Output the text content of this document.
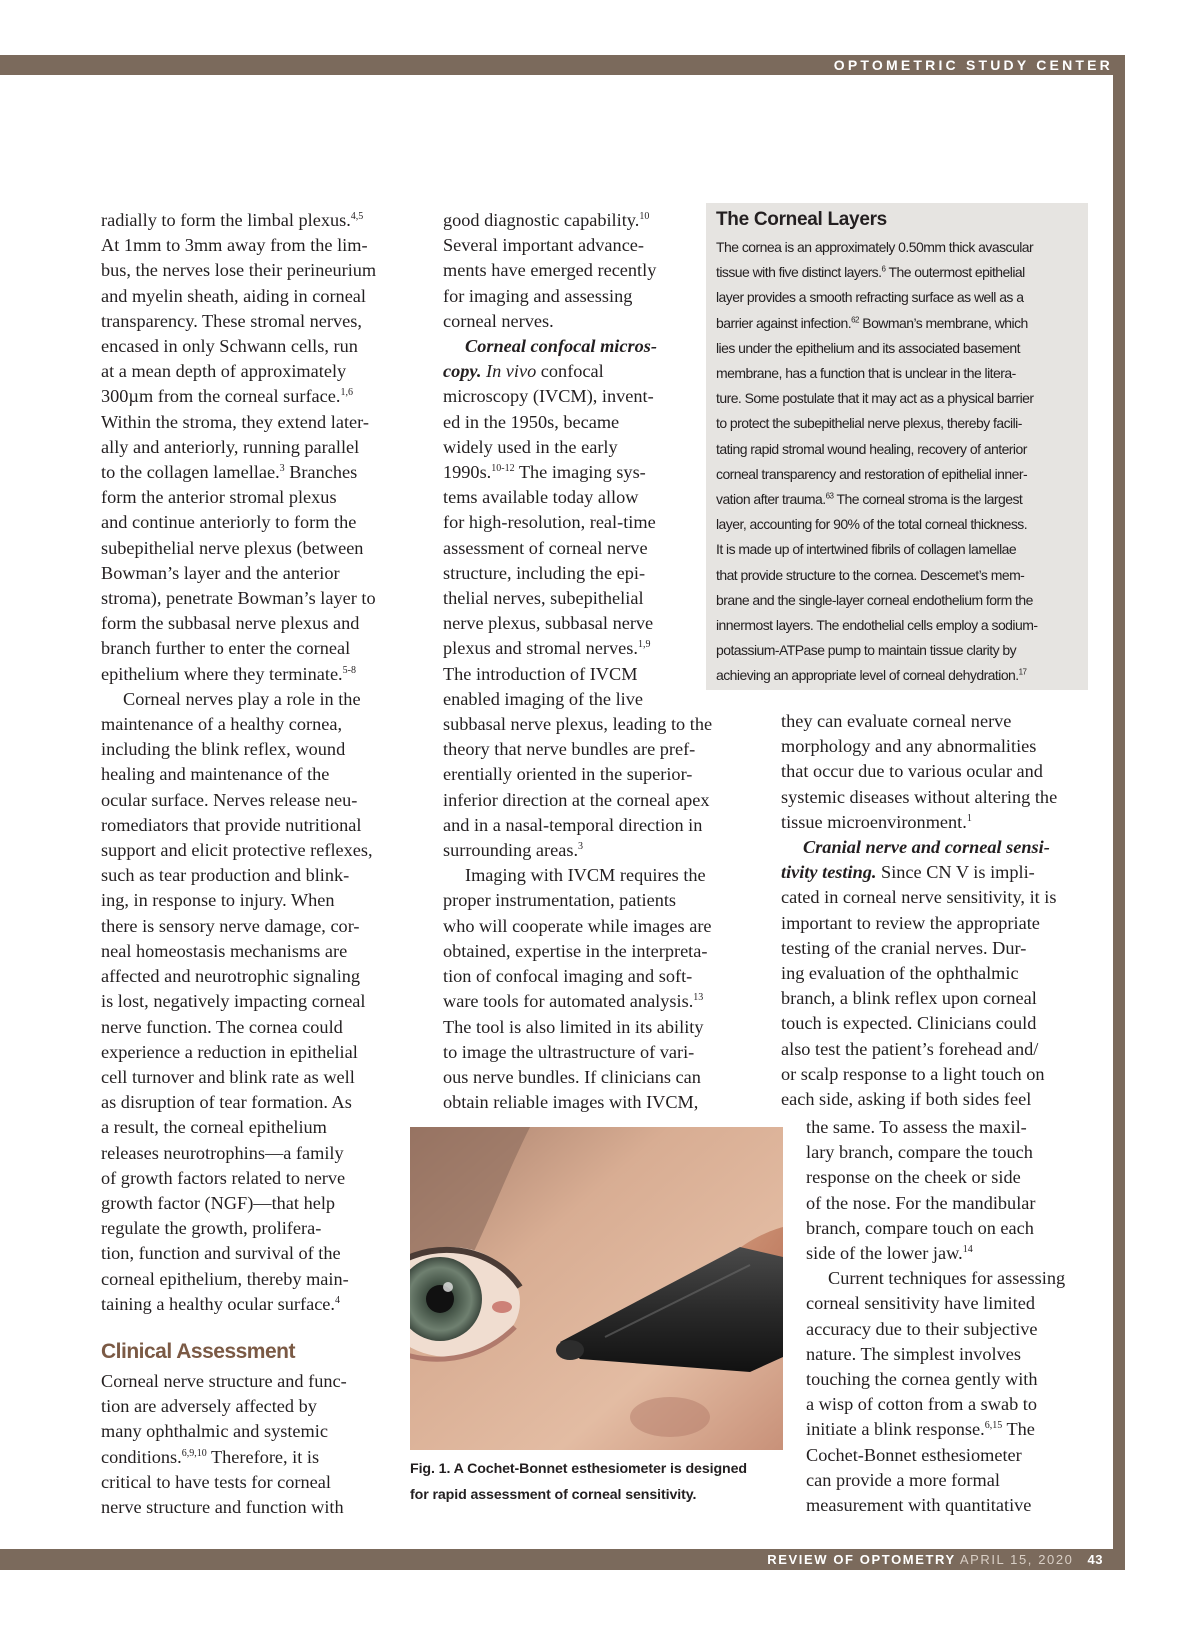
OPTOMETRIC STUDY CENTER
REVIEW OF OPTOMETRY APRIL 15, 2020 43

radially to form the limbal plexus.$^{4,5}$
At 1mm to 3mm away from the lim-
bus, the nerves lose their perineurium
and myelin sheath, aiding in corneal
transparency. These stromal nerves,
encased in only Schwann cells, run
at a mean depth of approximately
300µm from the corneal surface.$^{1,6}$
Within the stroma, they extend later-
ally and anteriorly, running parallel
to the collagen lamellae.$^3$ Branches
form the anterior stromal plexus
and continue anteriorly to form the
subepithelial nerve plexus (between
Bowman’s layer and the anterior
stroma), penetrate Bowman’s layer to
form the subbasal nerve plexus and
branch further to enter the corneal
epithelium where they terminate.$^{5-8}$

Corneal nerves play a role in the
maintenance of a healthy cornea,
including the blink reflex, wound
healing and maintenance of the
ocular surface. Nerves release neu-
romediators that provide nutritional
support and elicit protective reflexes,
such as tear production and blink-
ing, in response to injury. When
there is sensory nerve damage, cor-
neal homeostasis mechanisms are
affected and neurotrophic signaling
is lost, negatively impacting corneal
nerve function. The cornea could
experience a reduction in epithelial
cell turnover and blink rate as well
as disruption of tear formation. As
a result, the corneal epithelium
releases neurotrophins—a family
of growth factors related to nerve
growth factor (NGF)—that help
regulate the growth, prolifera-
tion, function and survival of the
corneal epithelium, thereby main-
taining a healthy ocular surface.$^4$

Clinical Assessment

Corneal nerve structure and func-
tion are adversely affected by
many ophthalmic and systemic
conditions.$^{6,9,10}$ Therefore, it is
critical to have tests for corneal
nerve structure and function with

good diagnostic capability.$^{10}$
Several important advance-
ments have emerged recently
for imaging and assessing
corneal nerves.

Corneal confocal micros-
copy. In vivo confocal
microscopy (IVCM), invent-
ed in the 1950s, became
widely used in the early
1990s.$^{10-12}$ The imaging sys-
tems available today allow
for high-resolution, real-time
assessment of corneal nerve
structure, including the epi-
thelial nerves, subepithelial
nerve plexus, subbasal nerve
plexus and stromal nerves.$^{1,9}$
The introduction of IVCM
enabled imaging of the live
subbasal nerve plexus, leading to the
theory that nerve bundles are pref-
erentially oriented in the superior-
inferior direction at the corneal apex
and in a nasal-temporal direction in
surrounding areas.$^3$

Imaging with IVCM requires the
proper instrumentation, patients
who will cooperate while images are
obtained, expertise in the interpreta-
tion of confocal imaging and soft-
ware tools for automated analysis.$^{13}$
The tool is also limited in its ability
to image the ultrastructure of vari-
ous nerve bundles. If clinicians can
obtain reliable images with IVCM,

The Corneal Layers
The cornea is an approximately 0.50mm thick avascular
tissue with five distinct layers.$^6$ The outermost epithelial
layer provides a smooth refracting surface as well as a
barrier against infection.$^{62}$ Bowman’s membrane, which
lies under the epithelium and its associated basement
membrane, has a function that is unclear in the litera-
ture. Some postulate that it may act as a physical barrier
to protect the subepithelial nerve plexus, thereby facili-
tating rapid stromal wound healing, recovery of anterior
corneal transparency and restoration of epithelial inner-
vation after trauma.$^{63}$ The corneal stroma is the largest
layer, accounting for 90% of the total corneal thickness.
It is made up of intertwined fibrils of collagen lamellae
that provide structure to the cornea. Descemet’s mem-
brane and the single-layer corneal endothelium form the
innermost layers. The endothelial cells employ a sodium-
potassium-ATPase pump to maintain tissue clarity by
achieving an appropriate level of corneal dehydration.$^{17}$

they can evaluate corneal nerve
morphology and any abnormalities
that occur due to various ocular and
systemic diseases without altering the
tissue microenvironment.$^1$

Cranial nerve and corneal sensi-
tivity testing. Since CN V is impli-
cated in corneal nerve sensitivity, it is
important to review the appropriate
testing of the cranial nerves. Dur-
ing evaluation of the ophthalmic
branch, a blink reflex upon corneal
touch is expected. Clinicians could
also test the patient’s forehead and/
or scalp response to a light touch on
each side, asking if both sides feel

the same. To assess the maxil-
lary branch, compare the touch
response on the cheek or side
of the nose. For the mandibular
branch, compare touch on each
side of the lower jaw.$^{14}$

Current techniques for assessing
corneal sensitivity have limited
accuracy due to their subjective
nature. The simplest involves
touching the cornea gently with
a wisp of cotton from a swab to
initiate a blink response.$^{6,15}$ The
Cochet-Bonnet esthesiometer
can provide a more formal
measurement with quantitative

Fig. 1. A Cochet-Bonnet esthesiometer is designed
for rapid assessment of corneal sensitivity.
